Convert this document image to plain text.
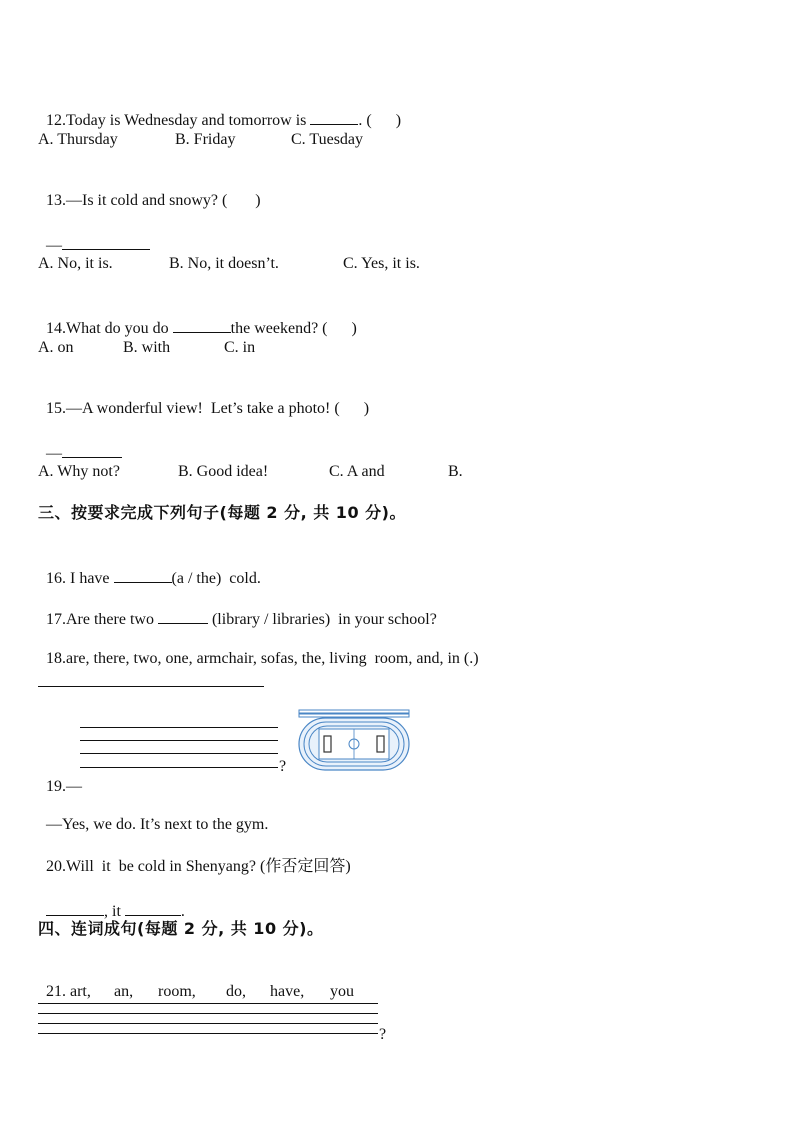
12.Today is Wednesday and tomorrow is	. (      )

A. Thursday	B. Friday	C. Tuesday

13.—Is it cold and snowy? (       )

—

A. No, it is.	B. No, it doesn’t.	C. Yes, it is.

14.What do you do	the weekend? (      )

A. on	B. with	C. in

15.—A wonderful view!  Let’s take a photo! (      )

—

A. Why not?	B. Good idea!	C. A and	B.
三、按要求完成下列句子(每题 2 分, 共 10 分)。

16. I have	(a / the)  cold.

17.Are there two	(library / libraries)  in your school?

18.are, there, two, one, armchair, sofas, the, living  room, and, in (.)

19.—

?

—Yes, we do. It’s next to the gym.

20.Will  it  be cold in Shenyang? (作否定回答)

, it	.

四、连词成句(每题 2 分, 共 10 分)。

21. art, an, room, do, have, you

?
